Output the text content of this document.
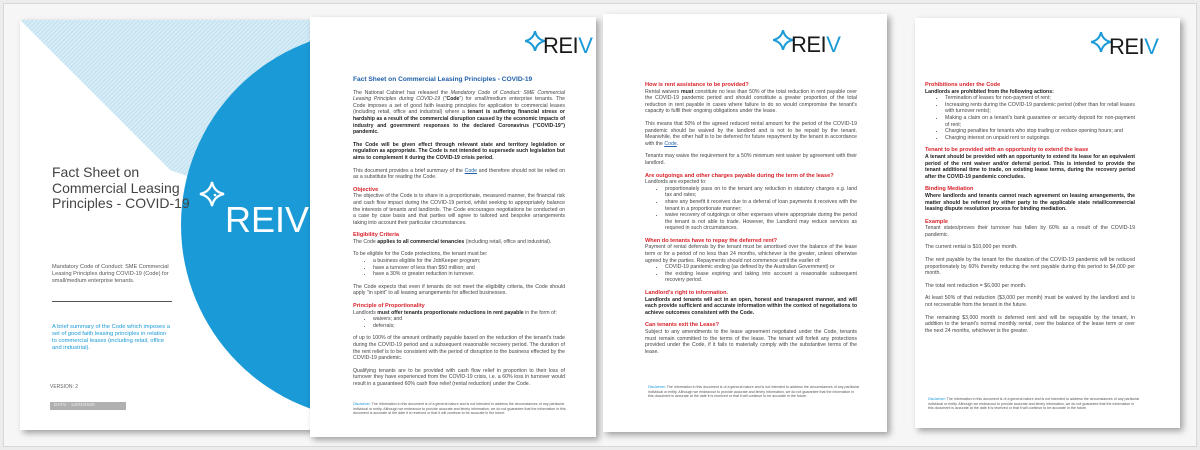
REIV
Fact Sheet on
Commercial Leasing
Principles - COVID-19
Mandatory Code of Conduct: SME Commercial Leasing Principles during COVID-19 (Code) for small/medium enterprise tenants.
A brief summary of the Code which imposes a set of good faith leasing principles in relation to commercial leases (including retail, office and industrial).
VERSION: 2
DATE - 14/04/2020
REIV
Fact Sheet on Commercial Leasing Principles - COVID-19

The National Cabinet has released the Mandatory Code of Conduct: SME Commercial Leasing Principles during COVID-19 ("Code") for small/medium enterprise tenants. The Code imposes a set of good faith leasing principles for application to commercial leases (including retail, office and industrial) where a tenant is suffering financial stress or hardship as a result of the commercial disruption caused by the economic impacts of industry and government responses to the declared Coronavirus ("COVID-19") pandemic.

The Code will be given effect through relevant state and territory legislation or regulation as appropriate. The Code is not intended to supersede such legislation but aims to complement it during the COVID-19 crisis period.

This document provides a brief summary of the Code and therefore should not be relied on as a substitute for reading the Code.

Objective

The objective of the Code is to share in a proportionate, measured manner, the financial risk and cash flow impact during the COVID-19 period, whilst seeking to appropriately balance the interests of tenants and landlords. The Code encourages negotiations be conducted on a case by case basis and that parties will agree to tailored and bespoke arrangements taking into account their particular circumstances.

Eligibility Criteria

The Code applies to all commercial tenancies (including retail, office and industrial).

To be eligible for the Code protections, the tenant must be:

• a business eligible for the JobKeeper program;
• have a turnover of less than $50 million; and
• have a 30% or greater reduction in turnover.

The Code expects that even if tenants do not meet the eligibility criteria, the Code should apply "in spirit" to all leasing arrangements for affected businesses.

Principle of Proportionality

Landlords must offer tenants proportionate reductions in rent payable in the form of:

• waivers; and
• deferrals;

of up to 100% of the amount ordinarily payable based on the reduction of the tenant's trade during the COVID-19 period and a subsequent reasonable recovery period. The duration of the rent relief is to be consistent with the period of disruption to the business effected by the COVID-19 pandemic.

Qualifying tenants are to be provided with cash flow relief in proportion to their loss of turnover they have experienced from the COVID-19 crisis, i.e. a 60% loss in turnover would result in a guaranteed 60% cash flow relief (rental reduction) under the Code.

Disclaimer: The information in this document is of a general nature and is not intended to address the circumstances of any particular individual or entity. Although we endeavour to provide accurate and timely information, we do not guarantee that the information in this document is accurate at the date it is received or that it will continue to be accurate in the future.
REIV
How is rent assistance to be provided?

Rental waivers must constitute no less than 50% of the total reduction in rent payable over the COVID-19 pandemic period and should constitute a greater proportion of the total reduction in rent payable in cases where failure to do so would compromise the tenant's capacity to fulfil their ongoing obligations under the lease.

This means that 50% of the agreed reduced rental amount for the period of the COVID-19 pandemic should be waived by the landlord and is not to be repaid by the tenant. Meanwhile, the other half is to be deferred for future repayment by the tenant in accordance with the Code.

Tenants may waive the requirement for a 50% minimum rent waiver by agreement with their landlord.

Are outgoings and other charges payable during the term of the lease?

Landlords are expected to:

• proportionately pass on to the tenant any reduction in statutory charges e.g. land tax and rates;
• share any benefit it receives due to a deferral of loan payments it receives with the tenant in a proportionate manner;
• waive recovery of outgoings or other expenses where appropriate during the period the tenant is not able to trade. However, the Landlord may reduce services as required in such circumstances.
When do tenants have to repay the deferred rent?

Payment of rental deferrals by the tenant must be amortised over the balance of the lease term or for a period of no less than 24 months, whichever is the greater, unless otherwise agreed by the parties. Repayments should not commence until the earlier of:

• COVID-19 pandemic ending (as defined by the Australian Government) or
• the existing lease expiring and taking into account a reasonable subsequent recovery period.
Landlord's right to information.

Landlords and tenants will act in an open, honest and transparent manner, and will each provide sufficient and accurate information within the context of negotiations to achieve outcomes consistent with the Code.

Can tenants exit the Lease?

Subject to any amendments to the lease agreement negotiated under the Code, tenants must remain committed to the terms of the lease. The tenant will forfeit any protections provided under the Code, if it fails to materially comply with the substantive terms of the lease.

Disclaimer: The information in this document is of a general nature and is not intended to address the circumstances of any particular individual or entity. Although we endeavour to provide accurate and timely information, we do not guarantee that the information in this document is accurate at the date it is received or that it will continue to be accurate in the future.
REIV
Prohibitions under the Code

Landlords are prohibited from the following actions:

• Termination of leases for non-payment of rent;
• Increasing rents during the COVID-19 pandemic period (other than for retail leases with turnover rents);
• Making a claim on a tenant's bank guarantee or security deposit for non-payment of rent;
• Charging penalties for tenants who stop trading or reduce opening hours; and
• Charging interest on unpaid rent or outgoings.
Tenant to be provided with an opportunity to extend the lease

A tenant should be provided with an opportunity to extend its lease for an equivalent period of the rent waiver and/or deferral period. This is intended to provide the tenant additional time to trade, on existing lease terms, during the recovery period after the COVID-19 pandemic concludes.

Binding Mediation

Where landlords and tenants cannot reach agreement on leasing arrangements, the matter should be referred by either party to the applicable state retail/commercial leasing dispute resolution process for binding mediation.

Example

Tenant states/proves their turnover has fallen by 60% as a result of the COVID-19 pandemic.

The current rental is $10,000 per month.

The rent payable by the tenant for the duration of the COVID-19 pandemic will be reduced proportionately by 60% thereby reducing the rent payable during this period to $4,000 per month.

The total rent reduction = $6,000 per month.

At least 50% of that reduction ($3,000 per month) must be waived by the landlord and is not recoverable from the tenant in the future.

The remaining $3,000 month is deferred rent and will be repayable by the tenant, in addition to the tenant's normal monthly rental, over the balance of the lease term or over the next 24 months, whichever is the greater.

Disclaimer: The information in this document is of a general nature and is not intended to address the circumstances of any particular individual or entity. Although we endeavour to provide accurate and timely information, we do not guarantee that the information in this document is accurate at the date it is received or that it will continue to be accurate in the future.
